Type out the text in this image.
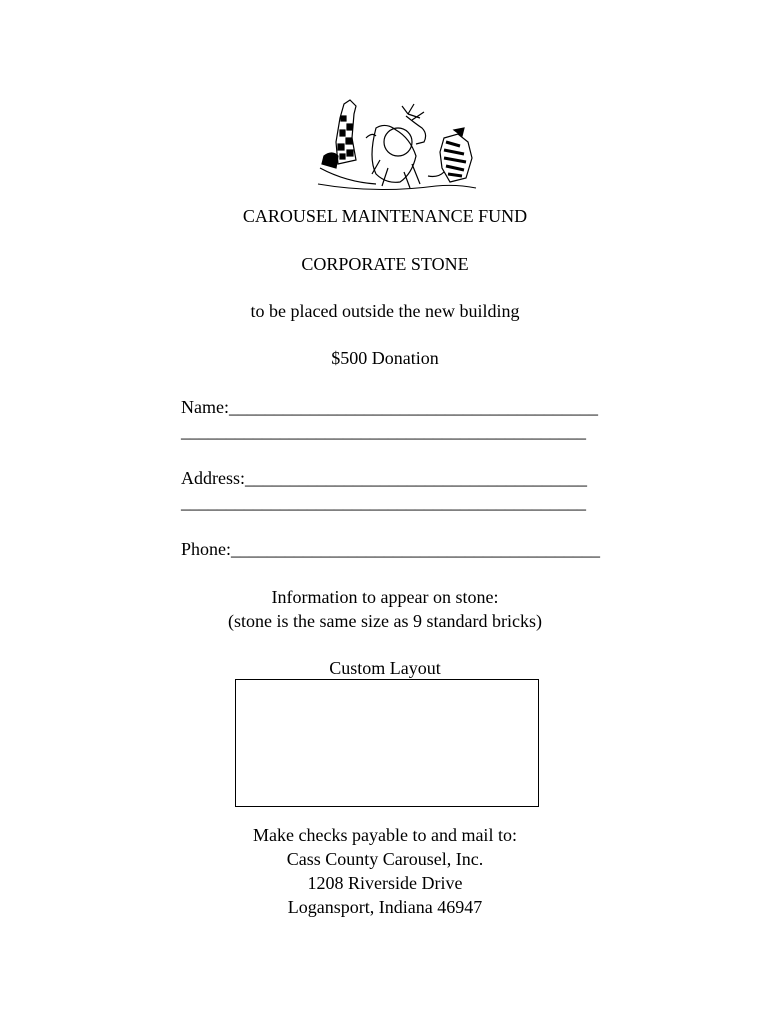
CAROUSEL MAINTENANCE FUND
CORPORATE STONE
to be placed outside the new building
$500 Donation
Name:_________________________________________
_____________________________________________
Address:______________________________________
_____________________________________________
Phone:_________________________________________
Information to appear on stone:
(stone is the same size as 9 standard bricks)
Custom Layout
Make checks payable to and mail to:
Cass County Carousel, Inc.
1208 Riverside Drive
Logansport, Indiana 46947
